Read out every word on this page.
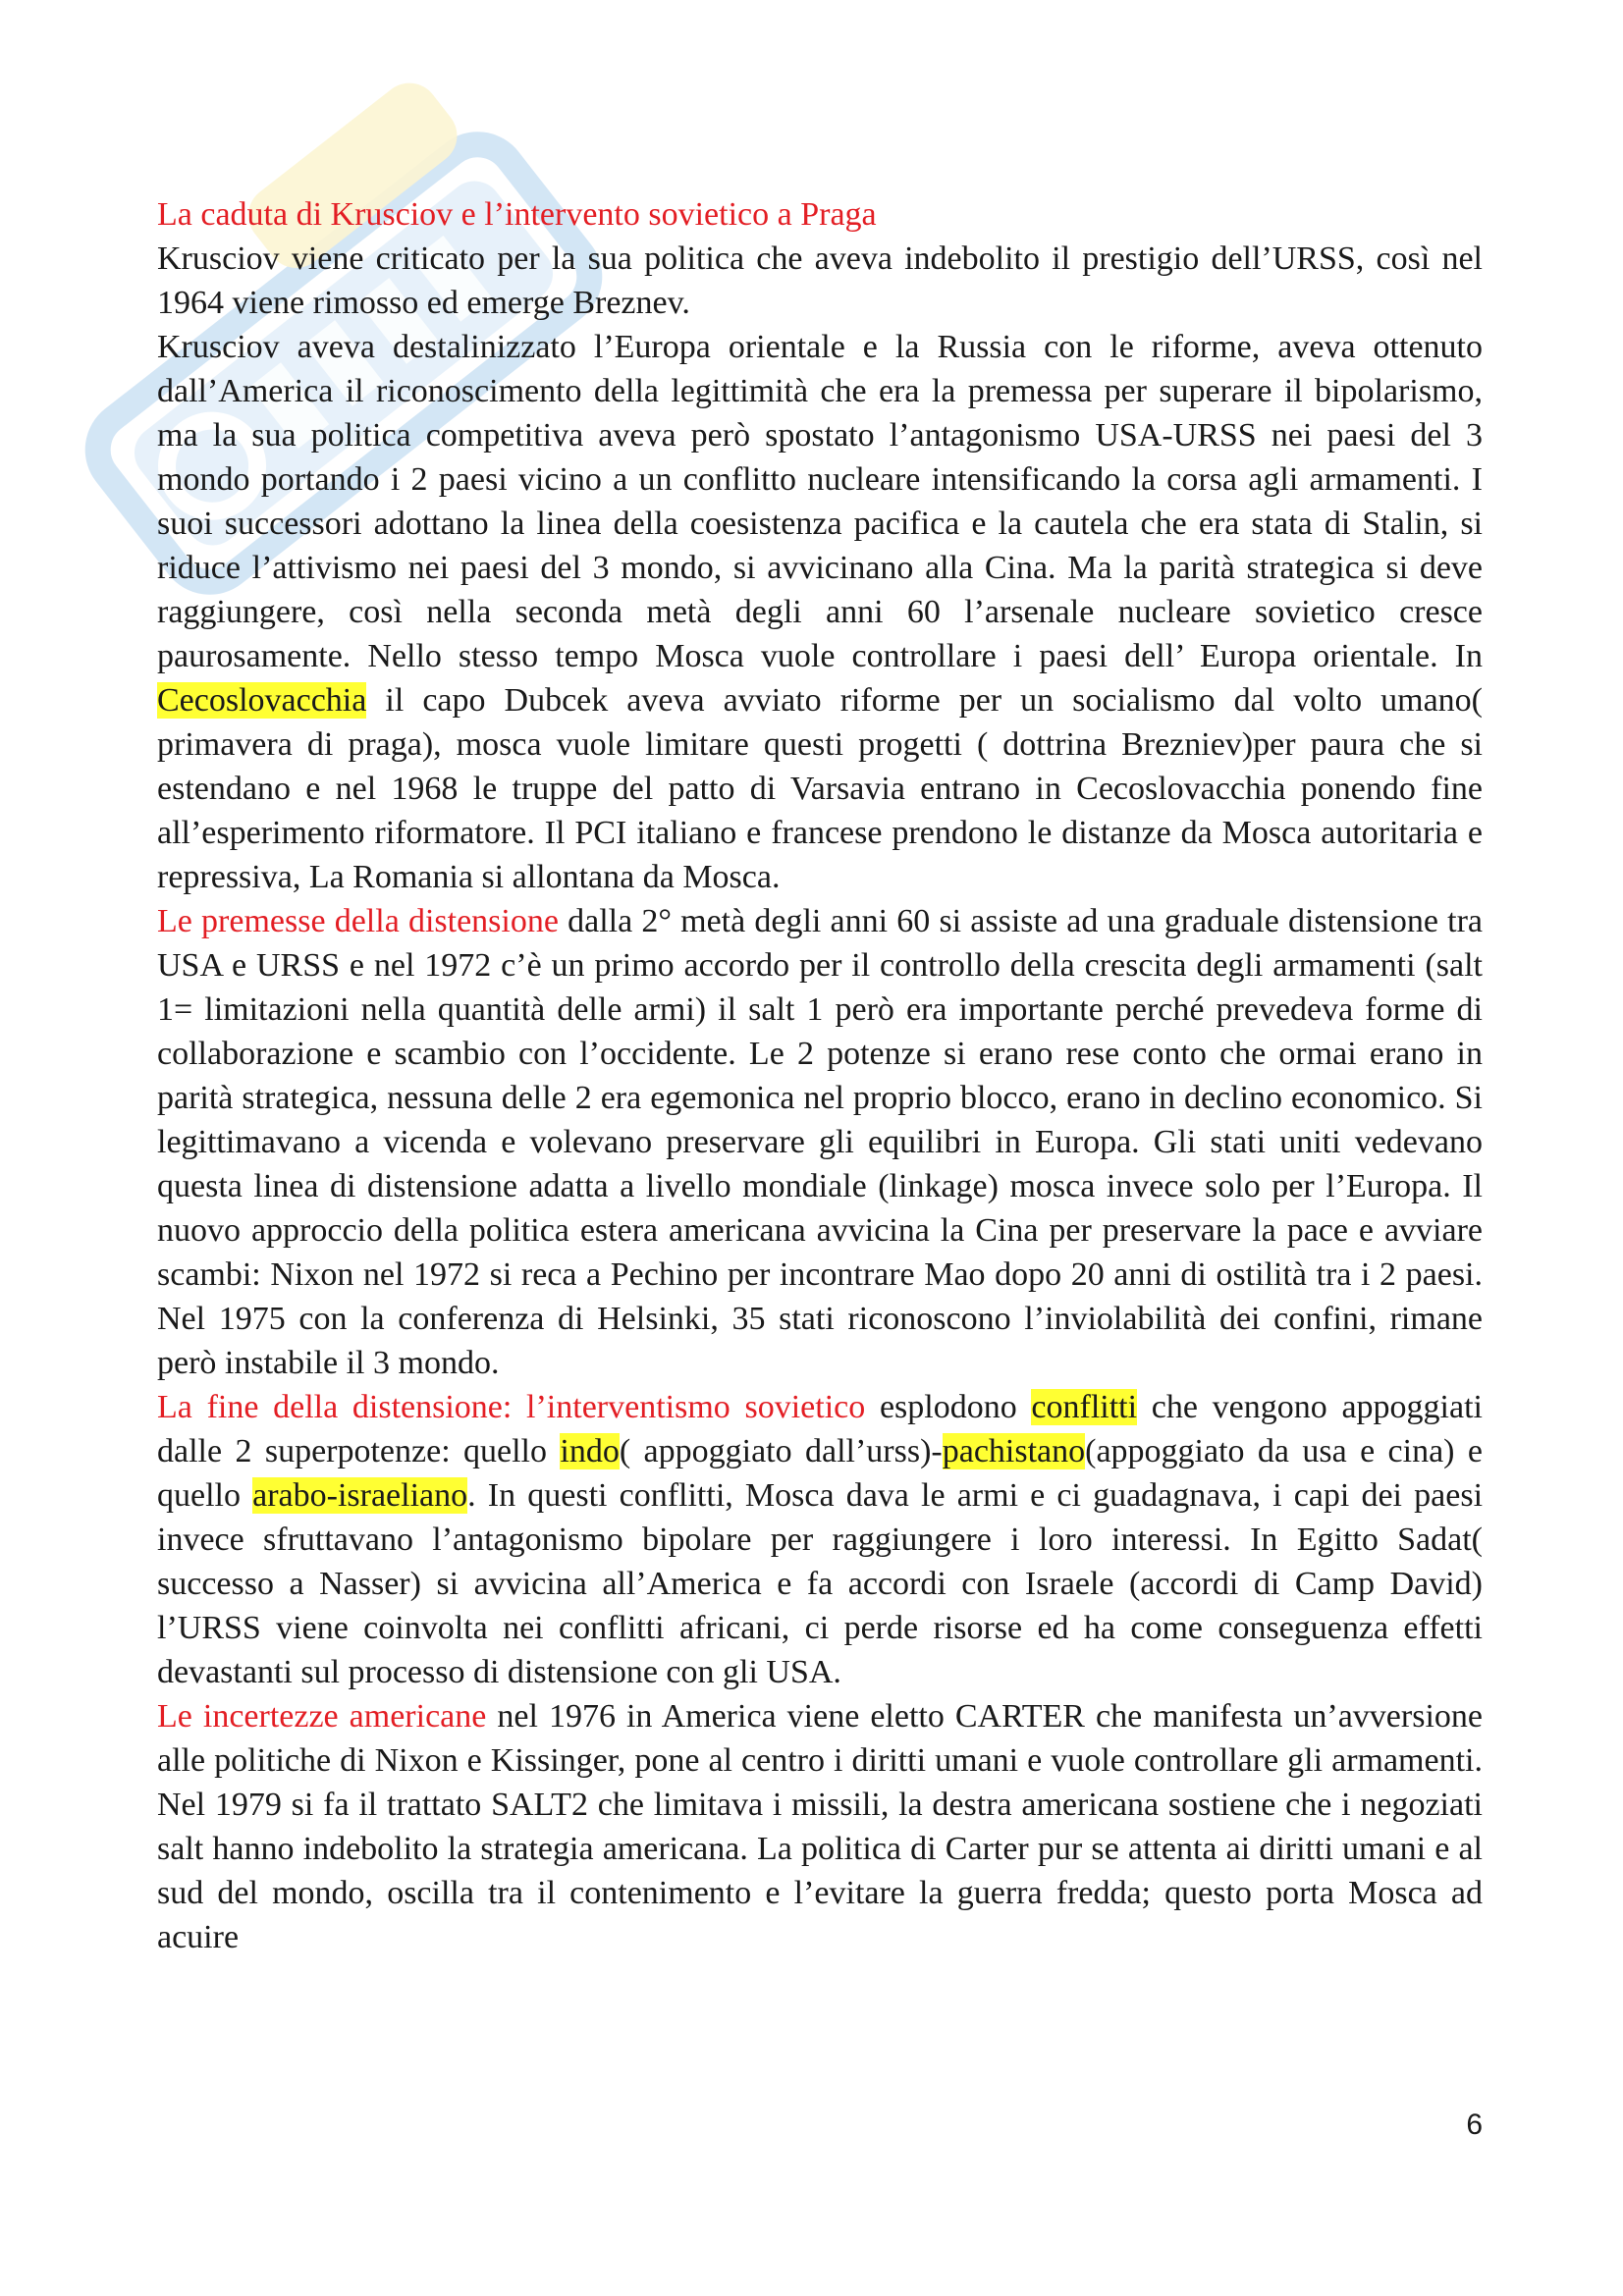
La caduta di Krusciov e l’intervento sovietico a Praga

Krusciov viene criticato per la sua politica che aveva indebolito il prestigio dell’URSS, così nel 1964 viene rimosso ed emerge Breznev.

Krusciov aveva destalinizzato l’Europa orientale e la Russia con le riforme, aveva ottenuto dall’America il riconoscimento della legittimità che era la premessa per superare il bipolarismo, ma la sua politica competitiva aveva però spostato l’antagonismo USA-URSS nei paesi del 3 mondo portando i 2 paesi vicino a un conflitto nucleare intensificando la corsa agli armamenti. I suoi successori adottano la linea della coesistenza pacifica e la cautela che era stata di Stalin, si riduce l’attivismo nei paesi del 3 mondo, si avvicinano alla Cina. Ma la parità strategica si deve raggiungere, così nella seconda metà degli anni 60 l’arsenale nucleare sovietico cresce paurosamente. Nello stesso tempo Mosca vuole controllare i paesi dell’ Europa orientale. In Cecoslovacchia il capo Dubcek aveva avviato riforme per un socialismo dal volto umano( primavera di praga), mosca vuole limitare questi progetti ( dottrina Brezniev)per paura che si estendano e nel 1968 le truppe del patto di Varsavia entrano in Cecoslovacchia ponendo fine all’esperimento riformatore. Il PCI italiano e francese prendono le distanze da Mosca autoritaria e repressiva, La Romania si allontana da Mosca.

Le premesse della distensione dalla 2° metà degli anni 60 si assiste ad una graduale distensione tra USA e URSS e nel 1972 c’è un primo accordo per il controllo della crescita degli armamenti (salt 1= limitazioni nella quantità delle armi) il salt 1 però era importante perché prevedeva forme di collaborazione e scambio con l’occidente. Le 2 potenze si erano rese conto che ormai erano in parità strategica, nessuna delle 2 era egemonica nel proprio blocco, erano in declino economico. Si legittimavano a vicenda e volevano preservare gli equilibri in Europa. Gli stati uniti vedevano questa linea di distensione adatta a livello mondiale (linkage) mosca invece solo per l’Europa. Il nuovo approccio della politica estera americana avvicina la Cina per preservare la pace e avviare scambi: Nixon nel 1972 si reca a Pechino per incontrare Mao dopo 20 anni di ostilità tra i 2 paesi. Nel 1975 con la conferenza di Helsinki, 35 stati riconoscono l’inviolabilità dei confini, rimane però instabile il 3 mondo.

La fine della distensione: l’interventismo sovietico esplodono conflitti che vengono appoggiati dalle 2 superpotenze: quello indo( appoggiato dall’urss)-pachistano(appoggiato da usa e cina) e quello arabo-israeliano. In questi conflitti, Mosca dava le armi e ci guadagnava, i capi dei paesi invece sfruttavano l’antagonismo bipolare per raggiungere i loro interessi. In Egitto Sadat( successo a Nasser) si avvicina all’America e fa accordi con Israele (accordi di Camp David) l’URSS viene coinvolta nei conflitti africani, ci perde risorse ed ha come conseguenza effetti devastanti sul processo di distensione con gli USA.

Le incertezze americane nel 1976 in America viene eletto CARTER che manifesta un’avversione alle politiche di Nixon e Kissinger, pone al centro i diritti umani e vuole controllare gli armamenti. Nel 1979 si fa il trattato SALT2 che limitava i missili, la destra americana sostiene che i negoziati salt hanno indebolito la strategia americana. La politica di Carter pur se attenta ai diritti umani e al sud del mondo, oscilla tra il contenimento e l’evitare la guerra fredda; questo porta Mosca ad acuire

6
